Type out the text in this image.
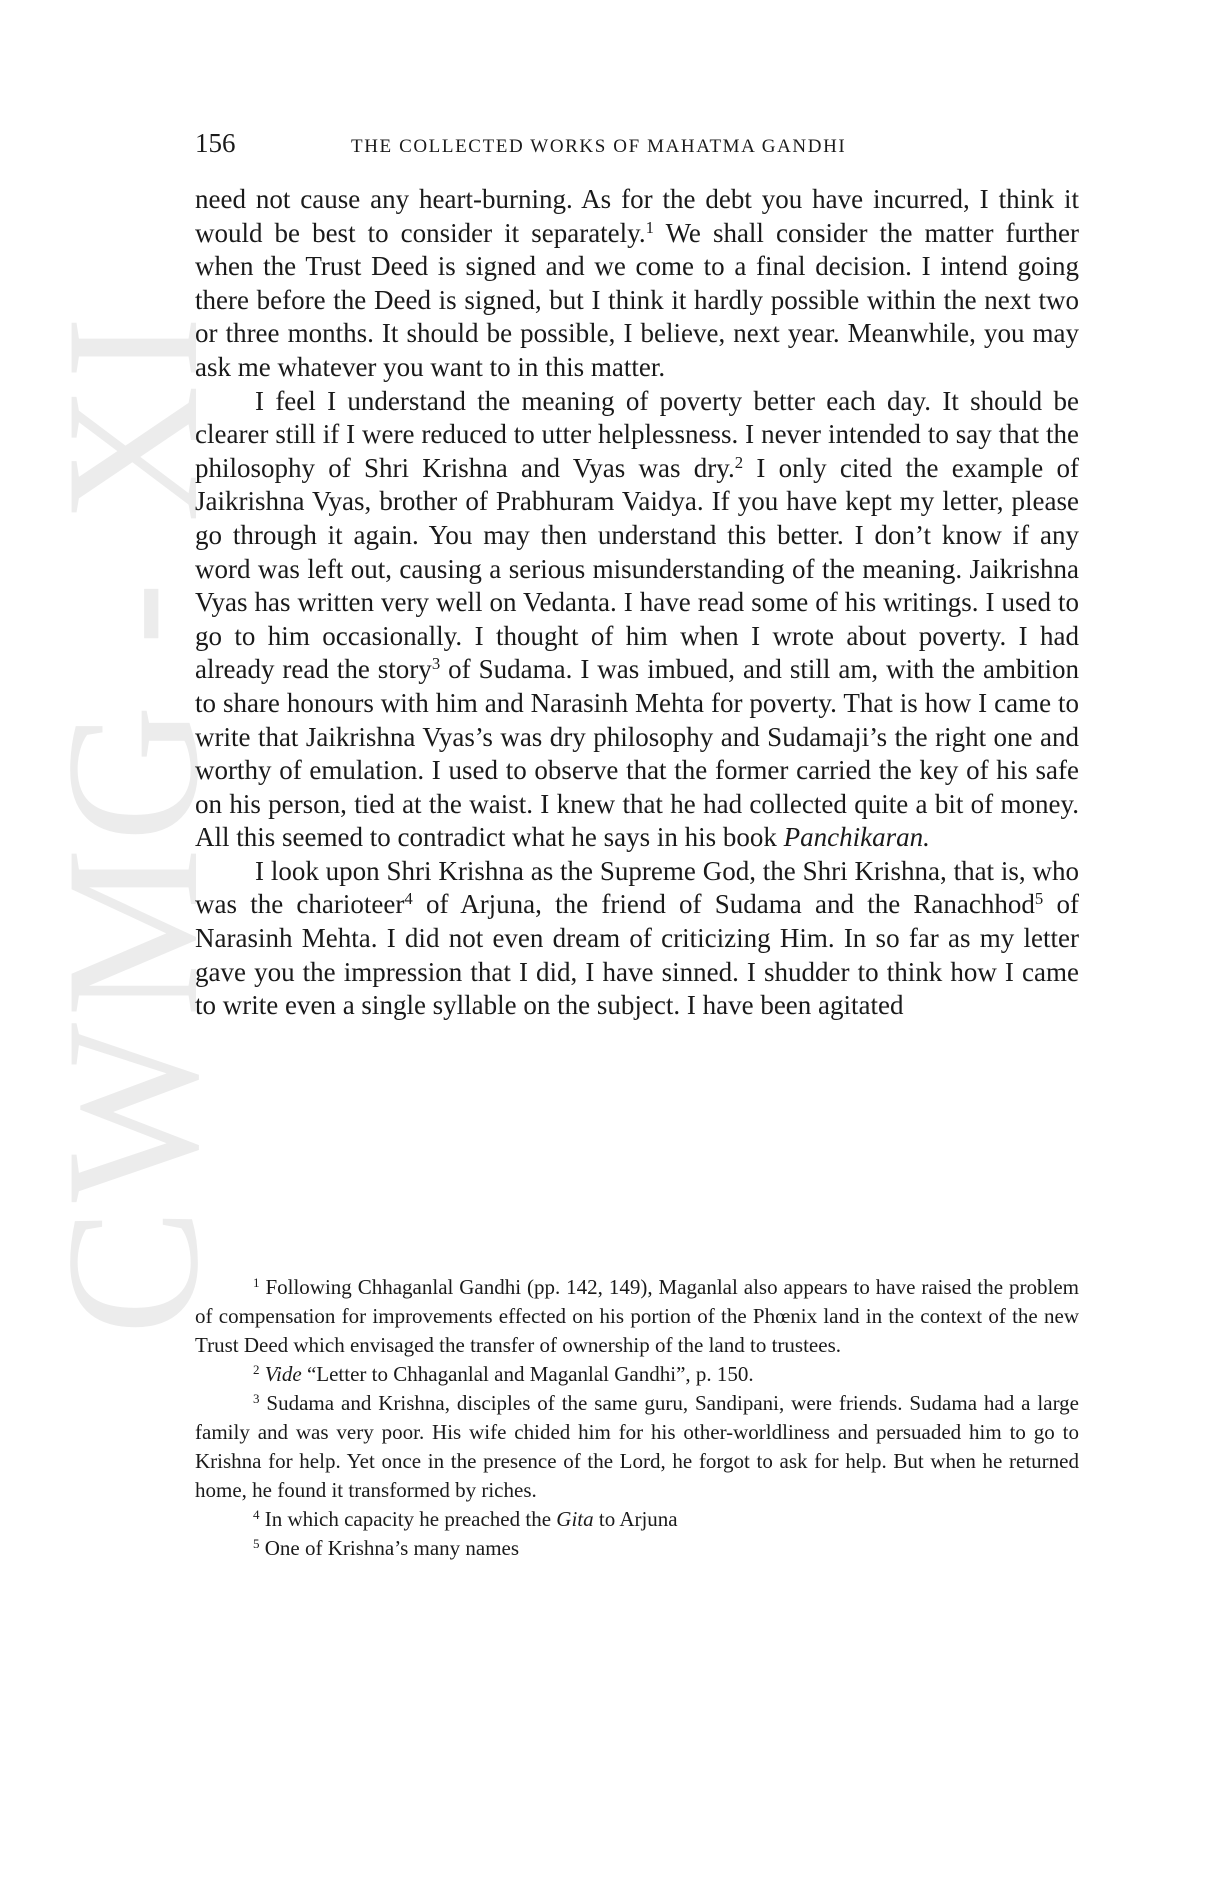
CWMG - XI
156	THE COLLECTED WORKS OF MAHATMA GANDHI

need not cause any heart-burning. As for the debt you have incurred, I think it would be best to consider it separately.$^1$ We shall consider the matter further when the Trust Deed is signed and we come to a final decision. I intend going there before the Deed is signed, but I think it hardly possible within the next two or three months. It should be possible, I believe, next year. Meanwhile, you may ask me whatever you want to in this matter.

I feel I understand the meaning of poverty better each day. It should be clearer still if I were reduced to utter helplessness. I never intended to say that the philosophy of Shri Krishna and Vyas was dry.$^2$ I only cited the example of Jaikrishna Vyas, brother of Prabhuram Vaidya. If you have kept my letter, please go through it again. You may then understand this better. I don’t know if any word was left out, causing a serious misunderstanding of the meaning. Jaikrishna Vyas has written very well on Vedanta. I have read some of his writings. I used to go to him occasionally. I thought of him when I wrote about poverty. I had already read the story$^3$ of Sudama. I was imbued, and still am, with the ambition to share honours with him and Narasinh Mehta for poverty. That is how I came to write that Jaikrishna Vyas’s was dry philosophy and Sudamaji’s the right one and worthy of emulation. I used to observe that the former carried the key of his safe on his person, tied at the waist. I knew that he had collected quite a bit of money. All this seemed to contradict what he says in his book Panchikaran.

I look upon Shri Krishna as the Supreme God, the Shri Krishna, that is, who was the charioteer$^4$ of Arjuna, the friend of Sudama and the Ranachhod$^5$ of Narasinh Mehta. I did not even dream of criticizing Him. In so far as my letter gave you the impression that I did, I have sinned. I shudder to think how I came to write even a single syllable on the subject. I have been agitated

$^1$ Following Chhaganlal Gandhi (pp. 142, 149), Maganlal also appears to have raised the problem of compensation for improvements effected on his portion of the Phœnix land in the context of the new Trust Deed which envisaged the transfer of ownership of the land to trustees.

$^2$ Vide “Letter to Chhaganlal and Maganlal Gandhi”, p. 150.

$^3$ Sudama and Krishna, disciples of the same guru, Sandipani, were friends. Sudama had a large family and was very poor. His wife chided him for his other-worldliness and persuaded him to go to Krishna for help. Yet once in the presence of the Lord, he forgot to ask for help. But when he returned home, he found it transformed by riches.

$^4$ In which capacity he preached the Gita to Arjuna

$^5$ One of Krishna’s many names
